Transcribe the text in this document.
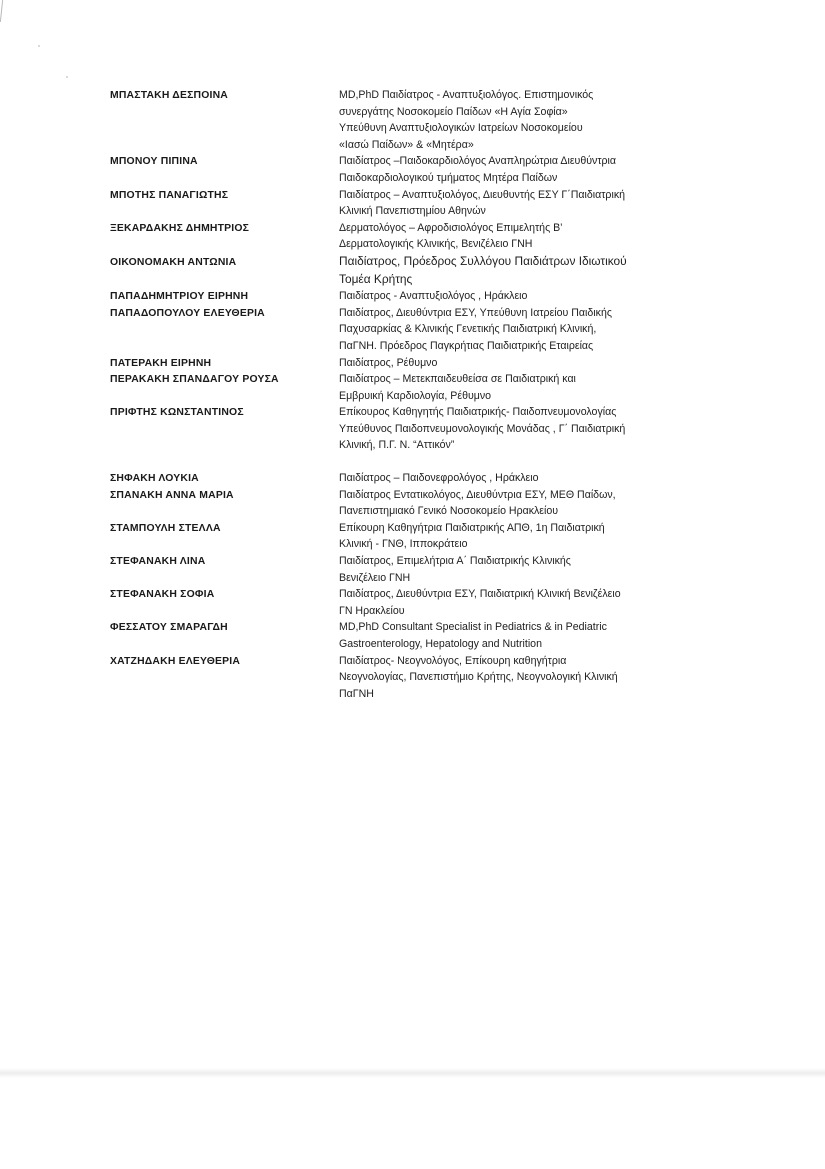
ΜΠΑΣΤΑΚΗ ΔΕΣΠΟΙΝΑ	MD,PhD Παιδίατρος - Αναπτυξιολόγος. Επιστημονικός
συνεργάτης Νοσοκομείο Παίδων «Η Αγία Σοφία»
Υπεύθυνη Αναπτυξιολογικών Ιατρείων Νοσοκομείου
«Ιασώ Παίδων» & «Μητέρα»
ΜΠΟΝΟΥ ΠΙΠΙΝΑ	Παιδίατρος –Παιδοκαρδιολόγος Αναπληρώτρια Διευθύντρια
Παιδοκαρδιολογικού τμήματος Μητέρα Παίδων
ΜΠΟΤΗΣ ΠΑΝΑΓΙΩΤΗΣ	Παιδίατρος – Αναπτυξιολόγος, Διευθυντής ΕΣΥ Γ΄Παιδιατρική
Κλινική Πανεπιστημίου Αθηνών
ΞΕΚΑΡΔΑΚΗΣ ΔΗΜΗΤΡΙΟΣ	Δερματολόγος – Αφροδισιολόγος Επιμελητής Β’
Δερματολογικής Κλινικής, Βενιζέλειο ΓΝΗ
ΟΙΚΟΝΟΜΑΚΗ ΑΝΤΩΝΙΑ	Παιδίατρος, Πρόεδρος Συλλόγου Παιδιάτρων Ιδιωτικού
Τομέα Κρήτης
ΠΑΠΑΔΗΜΗΤΡΙΟΥ ΕΙΡΗΝΗ	Παιδίατρος - Αναπτυξιολόγος , Ηράκλειο
ΠΑΠΑΔΟΠΟΥΛΟΥ ΕΛΕΥΘΕΡΙΑ	Παιδίατρος, Διευθύντρια ΕΣΥ, Υπεύθυνη Ιατρείου Παιδικής
Παχυσαρκίας & Κλινικής Γενετικής Παιδιατρική Κλινική,
ΠαΓΝΗ. Πρόεδρος Παγκρήτιας Παιδιατρικής Εταιρείας
ΠΑΤΕΡΑΚΗ ΕΙΡΗΝΗ	Παιδίατρος, Ρέθυμνο
ΠΕΡΑΚΑΚΗ ΣΠΑΝΔΑΓΟΥ ΡΟΥΣΑ	Παιδίατρος – Μετεκπαιδευθείσα σε Παιδιατρική και
Εμβρυική Καρδιολογία, Ρέθυμνο
ΠΡΙΦΤΗΣ ΚΩΝΣΤΑΝΤΙΝΟΣ	Επίκουρος Καθηγητής Παιδιατρικής- Παιδοπνευμονολογίας
Υπεύθυνος Παιδοπνευμονολογικής Μονάδας , Γ΄ Παιδιατρική
Κλινική, Π.Γ. Ν. “Αττικόν”
ΣΗΦΑΚΗ ΛΟΥΚΙΑ	Παιδίατρος – Παιδονεφρολόγος , Ηράκλειο
ΣΠΑΝΑΚΗ ΑΝΝΑ ΜΑΡΙΑ	Παιδίατρος Εντατικολόγος, Διευθύντρια ΕΣΥ, ΜΕΘ Παίδων,
Πανεπιστημιακό Γενικό Νοσοκομείο Ηρακλείου
ΣΤΑΜΠΟΥΛΗ ΣΤΕΛΛΑ	Επίκουρη Καθηγήτρια Παιδιατρικής ΑΠΘ, 1η Παιδιατρική
Κλινική - ΓΝΘ, Ιπποκράτειο
ΣΤΕΦΑΝΑΚΗ ΛΙΝΑ	Παιδίατρος, Επιμελήτρια Α΄ Παιδιατρικής Κλινικής
Βενιζέλειο ΓΝΗ
ΣΤΕΦΑΝΑΚΗ ΣΟΦΙΑ	Παιδίατρος, Διευθύντρια ΕΣΥ, Παιδιατρική Κλινική Βενιζέλειο
ΓΝ Ηρακλείου
ΦΕΣΣΑΤΟΥ ΣΜΑΡΑΓΔΗ	MD,PhD Consultant Specialist in Pediatrics & in Pediatric
Gastroenterology, Hepatology and Nutrition
ΧΑΤΖΗΔΑΚΗ ΕΛΕΥΘΕΡΙΑ	Παιδίατρος- Νεογνολόγος, Επίκουρη καθηγήτρια
Νεογνολογίας, Πανεπιστήμιο Κρήτης, Νεογνολογική Κλινική
ΠαΓΝΗ
